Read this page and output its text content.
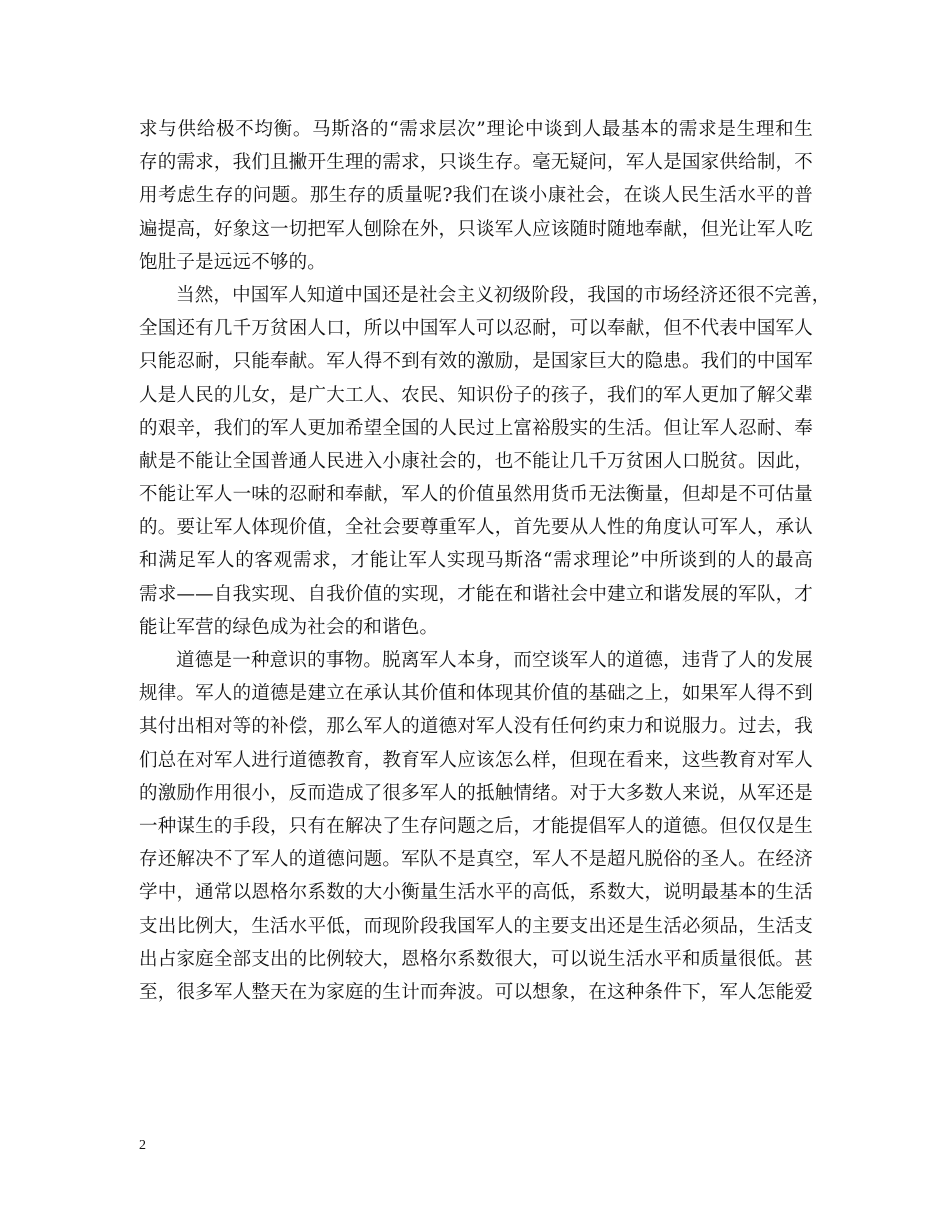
求与供给极不均衡。马斯洛的“需求层次”理论中谈到人最基本的需求是生理和生
存的需求，我们且撇开生理的需求，只谈生存。毫无疑问，军人是国家供给制，不
用考虑生存的问题。那生存的质量呢?我们在谈小康社会，在谈人民生活水平的普
遍提高，好象这一切把军人刨除在外，只谈军人应该随时随地奉献，但光让军人吃
饱肚子是远远不够的。
当然，中国军人知道中国还是社会主义初级阶段，我国的市场经济还很不完善，
全国还有几千万贫困人口，所以中国军人可以忍耐，可以奉献，但不代表中国军人
只能忍耐，只能奉献。军人得不到有效的激励，是国家巨大的隐患。我们的中国军
人是人民的儿女，是广大工人、农民、知识份子的孩子，我们的军人更加了解父辈
的艰辛，我们的军人更加希望全国的人民过上富裕殷实的生活。但让军人忍耐、奉
献是不能让全国普通人民进入小康社会的，也不能让几千万贫困人口脱贫。因此，
不能让军人一味的忍耐和奉献，军人的价值虽然用货币无法衡量，但却是不可估量
的。要让军人体现价值，全社会要尊重军人，首先要从人性的角度认可军人，承认
和满足军人的客观需求，才能让军人实现马斯洛“需求理论”中所谈到的人的最高
需求——自我实现、自我价值的实现，才能在和谐社会中建立和谐发展的军队，才
能让军营的绿色成为社会的和谐色。
道德是一种意识的事物。脱离军人本身，而空谈军人的道德，违背了人的发展
规律。军人的道德是建立在承认其价值和体现其价值的基础之上，如果军人得不到
其付出相对等的补偿，那么军人的道德对军人没有任何约束力和说服力。过去，我
们总在对军人进行道德教育，教育军人应该怎么样，但现在看来，这些教育对军人
的激励作用很小，反而造成了很多军人的抵触情绪。对于大多数人来说，从军还是
一种谋生的手段，只有在解决了生存问题之后，才能提倡军人的道德。但仅仅是生
存还解决不了军人的道德问题。军队不是真空，军人不是超凡脱俗的圣人。在经济
学中，通常以恩格尔系数的大小衡量生活水平的高低，系数大，说明最基本的生活
支出比例大，生活水平低，而现阶段我国军人的主要支出还是生活必须品，生活支
出占家庭全部支出的比例较大，恩格尔系数很大，可以说生活水平和质量很低。甚
至，很多军人整天在为家庭的生计而奔波。可以想象，在这种条件下，军人怎能爱
2
